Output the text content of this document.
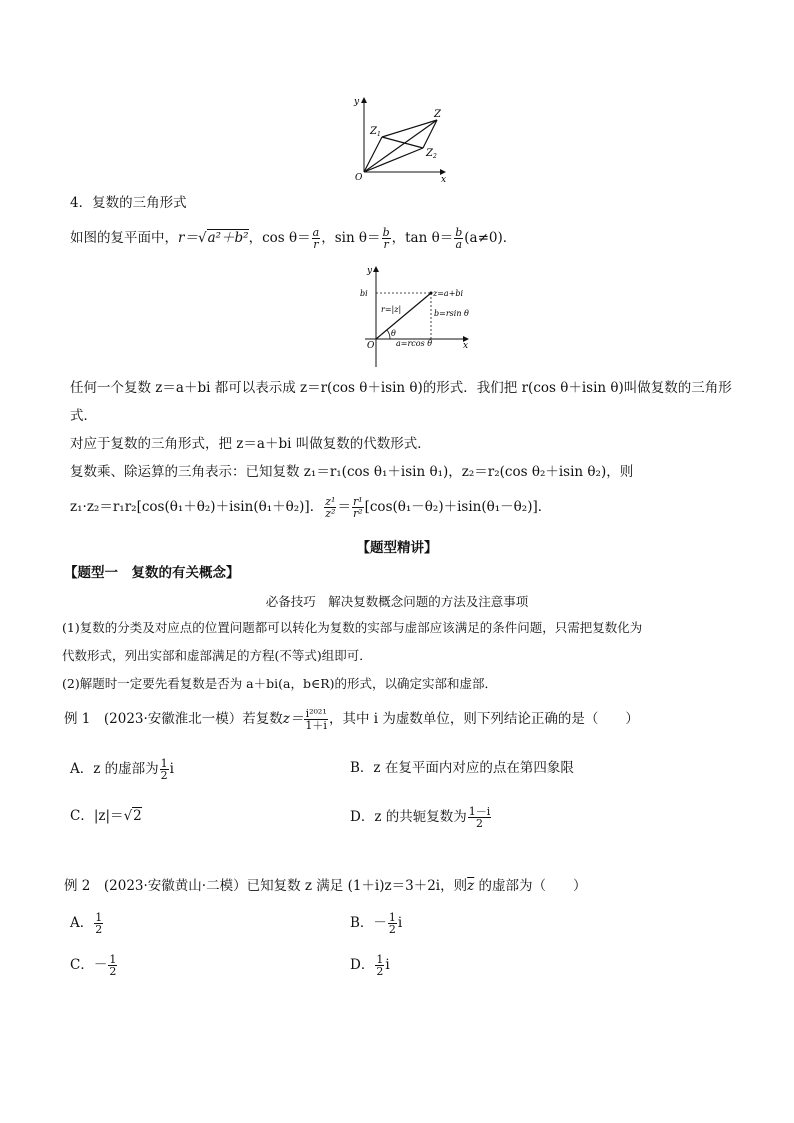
y
x
O
Z
$Z_1$
$Z_2$
4．复数的三角形式
如图的复平面中，r＝√a²＋b²，$\cos \theta= \frac{a}{r}$ ，$\sin \theta= \frac{b}{r}$ ，$\tan \theta= \frac{b}{a} (a\ne 0)$．
y
x
O
bi	z=a+bi
r=|z|	b=rsin θ
a=rcos θ
θ
任何一个复数 z＝a＋bi 都可以表示成 z＝r(cos θ＋isin θ)的形式．我们把 r(cos θ＋isin θ)叫做复数的三角形
式．
对应于复数的三角形式，把 z＝a＋bi 叫做复数的代数形式．
复数乘、除运算的三角表示：已知复数 z₁＝r₁(cos θ₁＋isin θ₁)，z₂＝r₂(cos θ₂＋isin θ₂)，则
z₁·z₂＝r₁r₂[cos(θ₁＋θ₂)＋isin(θ₁＋θ₂)]． $\frac{\text{z¹}}{\text{z²}} = \frac{\text{r¹}}{\text{r²}} [\cos(\theta_1-\theta_2)+isin(\theta_1-\theta_2)]$．
【题型精讲】
【题型一　复数的有关概念】
必备技巧　解决复数概念问题的方法及注意事项
(1)复数的分类及对应点的位置问题都可以转化为复数的实部与虚部应该满足的条件问题，只需把复数化为
代数形式，列出实部和虚部满足的方程(不等式)组即可．
(2)解题时一定要先看复数是否为 a＋bi(a，b∈R)的形式，以确定实部和虚部．
例 1　(2023·安徽淮北一模）若复数$z= \frac{\text{i²⁰²¹}}{1+i}$ ，其中 i 为虚数单位，则下列结论正确的是（　　）
A．z 的虚部为 $\frac{1}{2}$ i	B．z 在复平面内对应的点在第四象限
C．|z|＝√2	D．z 的共轭复数为 $\frac{1-i}{2}$
例 2　(2023·安徽黄山·二模）已知复数 z 满足 (1＋i)z＝3＋2i，则$\overline{z}$ 的虚部为（　　）
A． $\frac{1}{2}$	B．－ $\frac{1}{2}$ i
C．－ $\frac{1}{2}$	D． $\frac{1}{2}$ i
